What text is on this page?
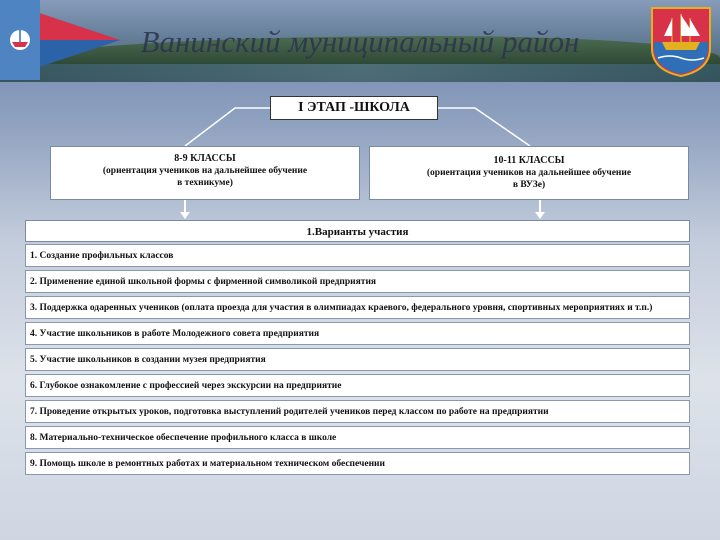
Ванинский муниципальный район
I ЭТАП -ШКОЛА
8-9 КЛАССЫ
(ориентация учеников на дальнейшее обучение
в техникуме)
10-11 КЛАССЫ
(ориентация учеников на дальнейшее обучение
в ВУЗе)
1.Варианты участия
1. Создание профильных классов
2. Применение единой школьной формы с фирменной символикой предприятия
3. Поддержка одаренных учеников (оплата проезда для участия в олимпиадах краевого, федерального уровня, спортивных мероприятиях и т.п.)
4. Участие школьников в работе Молодежного совета предприятия
5. Участие школьников в создании музея предприятия
6. Глубокое ознакомление с профессией через экскурсии на предприятие
7. Проведение открытых уроков, подготовка выступлений родителей учеников перед классом по работе на предприятии
8. Материально-техническое обеспечение профильного класса в школе
9. Помощь школе в ремонтных работах и материальном техническом обеспечении
